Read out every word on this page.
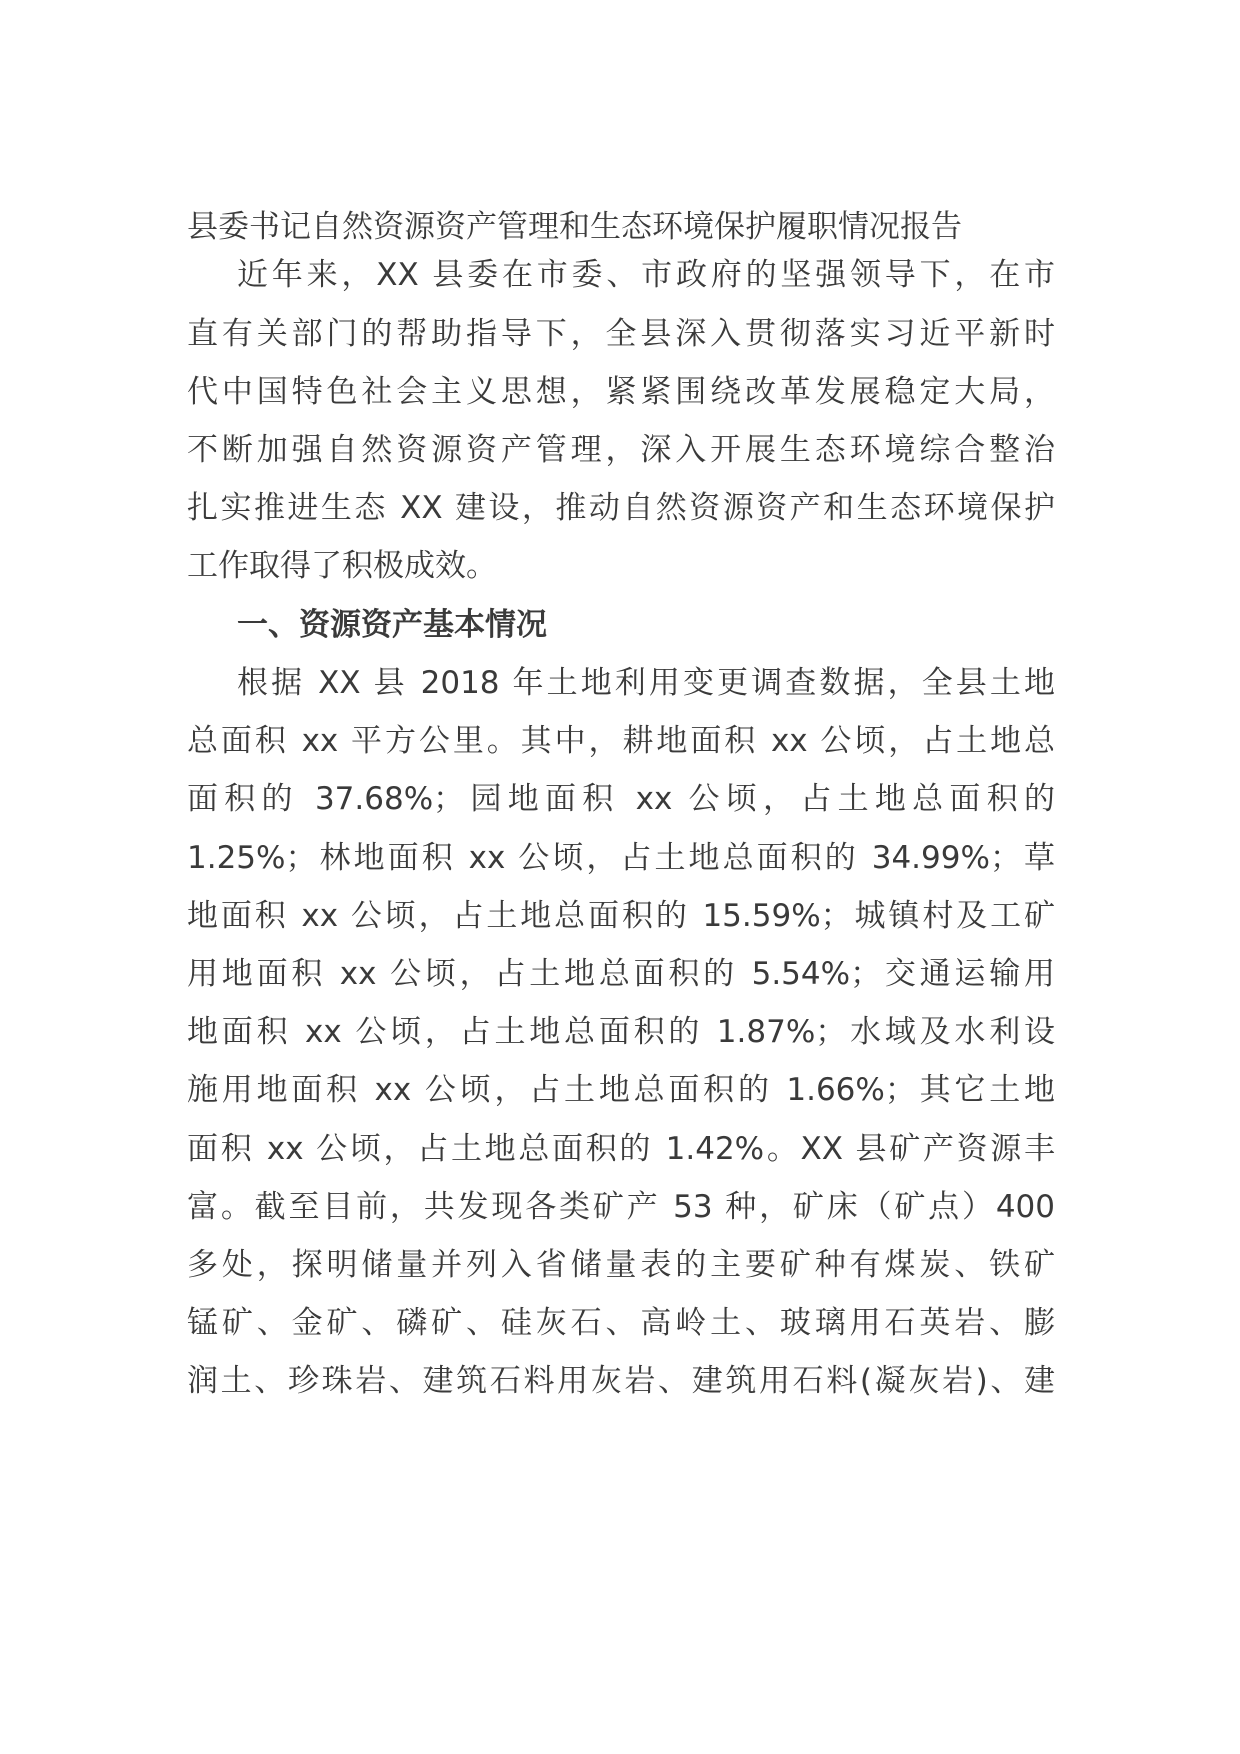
县委书记自然资源资产管理和生态环境保护履职情况报告
近年来，XX 县委在市委、市政府的坚强领导下，在市
直有关部门的帮助指导下，全县深入贯彻落实习近平新时
代中国特色社会主义思想，紧紧围绕改革发展稳定大局，
不断加强自然资源资产管理，深入开展生态环境综合整治
扎实推进生态 XX 建设，推动自然资源资产和生态环境保护
工作取得了积极成效。
一、资源资产基本情况
根据 XX 县 2018 年土地利用变更调查数据，全县土地
总面积 xx 平方公里。其中，耕地面积 xx 公顷，占土地总
面积的 37.68%；园地面积 xx 公顷，占土地总面积的
1.25%；林地面积 xx 公顷，占土地总面积的 34.99%；草
地面积 xx 公顷，占土地总面积的 15.59%；城镇村及工矿
用地面积 xx 公顷，占土地总面积的 5.54%；交通运输用
地面积 xx 公顷，占土地总面积的 1.87%；水域及水利设
施用地面积 xx 公顷，占土地总面积的 1.66%；其它土地
面积 xx 公顷，占土地总面积的 1.42%。XX 县矿产资源丰
富。截至目前，共发现各类矿产 53 种，矿床（矿点）400
多处，探明储量并列入省储量表的主要矿种有煤炭、铁矿
锰矿、金矿、磷矿、硅灰石、高岭土、玻璃用石英岩、膨
润土、珍珠岩、建筑石料用灰岩、建筑用石料(凝灰岩)、建
